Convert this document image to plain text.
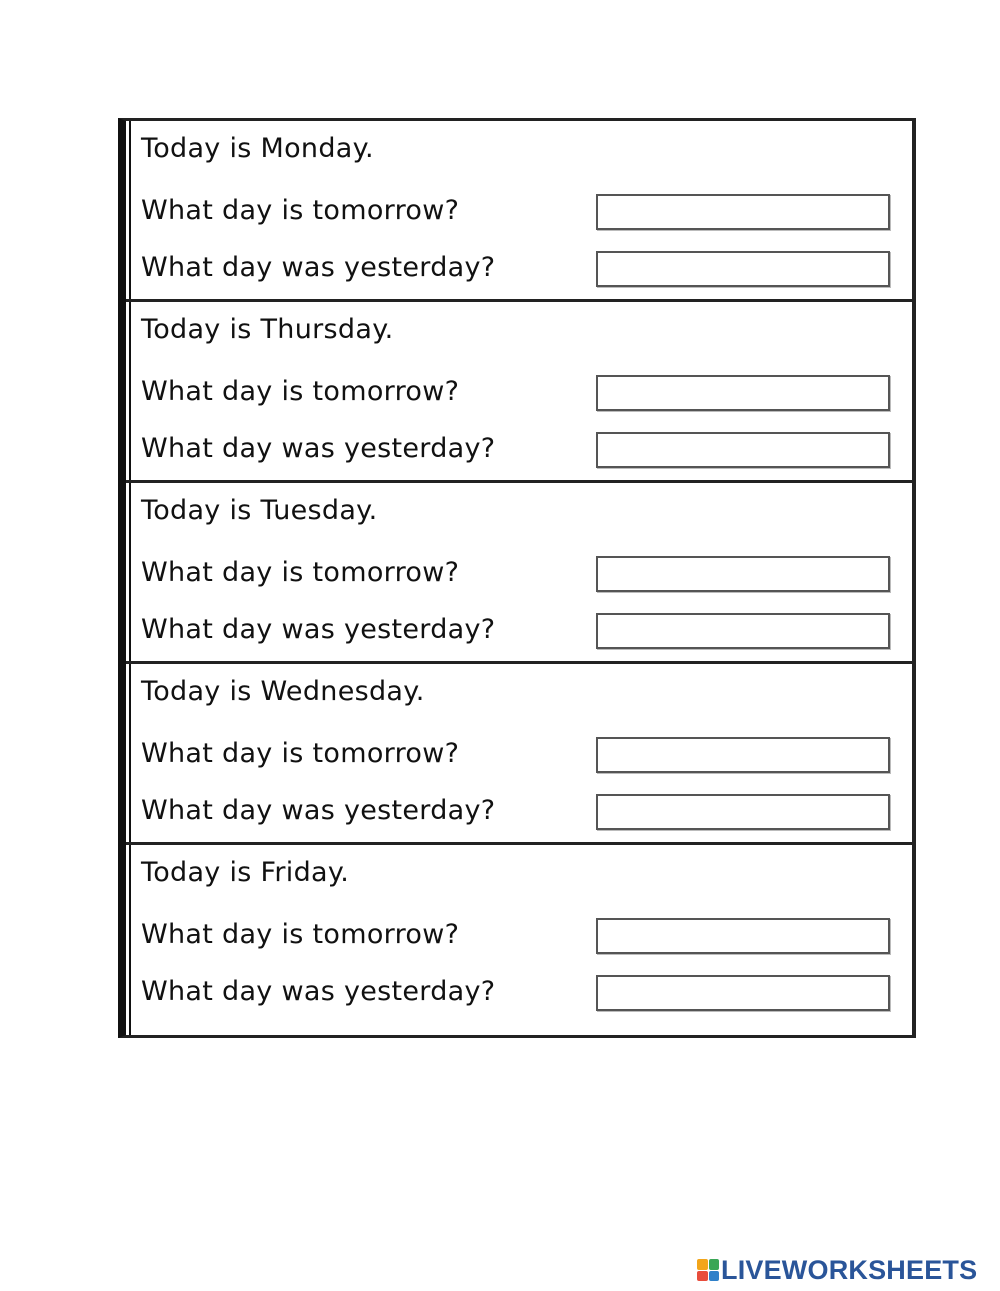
Today is Monday.
What day is tomorrow?
What day was yesterday?
Today is Thursday.
What day is tomorrow?
What day was yesterday?
Today is Tuesday.
What day is tomorrow?
What day was yesterday?
Today is Wednesday.
What day is tomorrow?
What day was yesterday?
Today is Friday.
What day is tomorrow?
What day was yesterday?
LIVEWORKSHEETS
